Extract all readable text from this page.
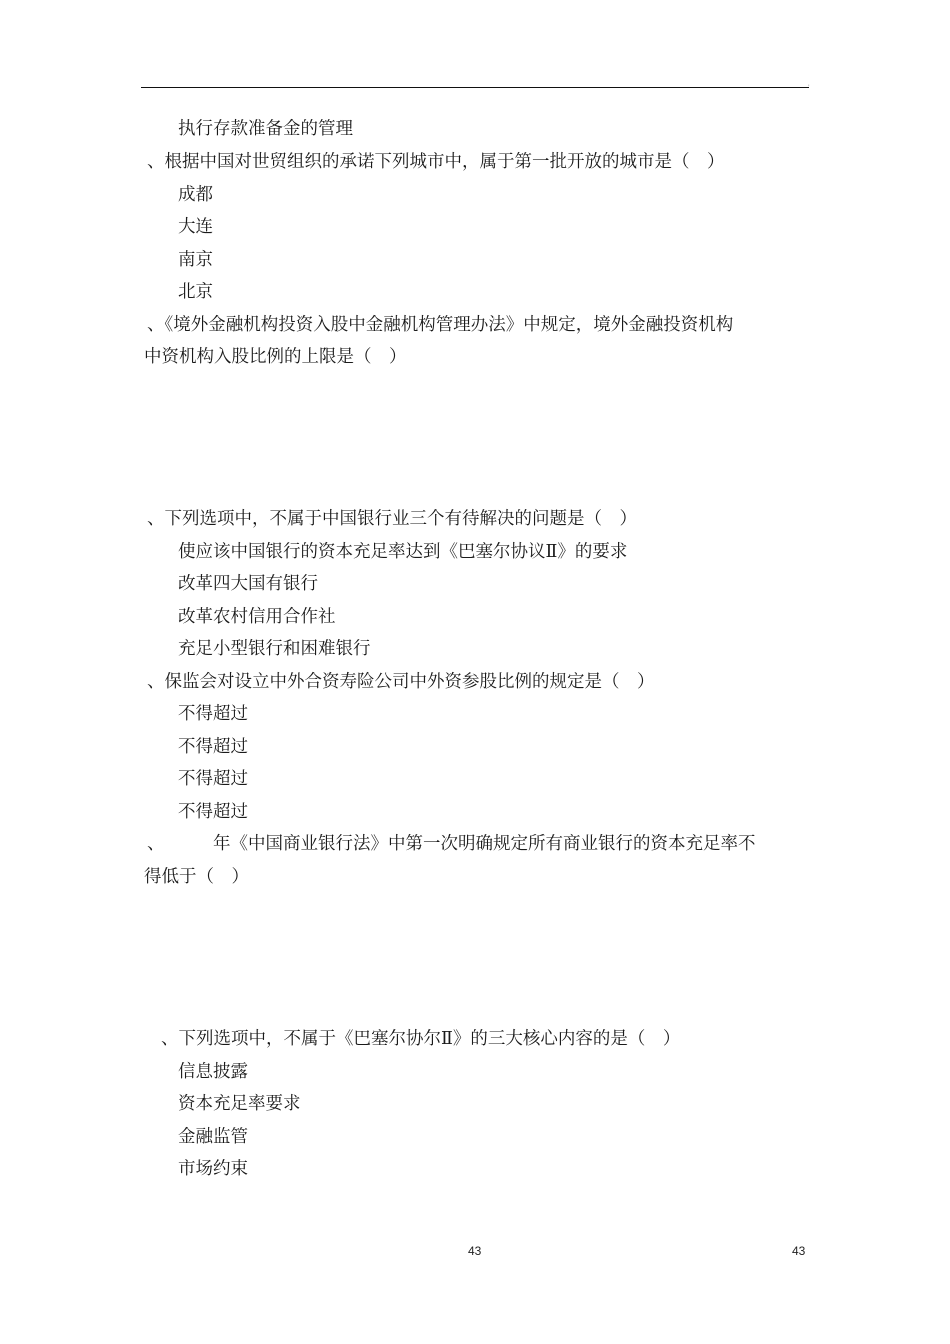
'
执行存款准备金的管理
、根据中国对世贸组织的承诺下列城市中，属于第一批开放的城市是（　）
成都
大连
南京
北京
、《境外金融机构投资入股中金融机构管理办法》中规定，境外金融投资机构
中资机构入股比例的上限是（　）
、下列选项中，不属于中国银行业三个有待解决的问题是（　）
使应该中国银行的资本充足率达到《巴塞尔协议Ⅱ》的要求
改革四大国有银行
改革农村信用合作社
充足小型银行和困难银行
、保监会对设立中外合资寿险公司中外资参股比例的规定是（　）
不得超过
不得超过
不得超过
不得超过
、	年《中国商业银行法》中第一次明确规定所有商业银行的资本充足率不
得低于（　）
、下列选项中，不属于《巴塞尔协尔Ⅱ》的三大核心内容的是（　）
信息披露
资本充足率要求
金融监管
市场约束
43	43
